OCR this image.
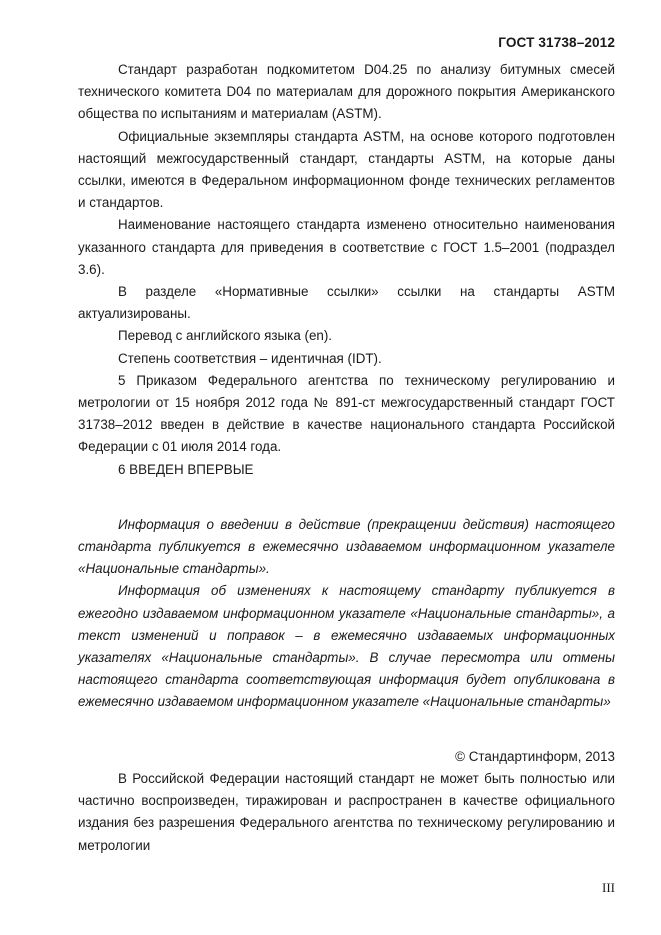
ГОСТ 31738–2012

Стандарт разработан подкомитетом D04.25 по анализу битумных смесей технического комитета D04 по материалам для дорожного покрытия Американского общества по испытаниям и материалам (ASTM).

Официальные экземпляры стандарта ASTM, на основе которого подготовлен настоящий межгосударственный стандарт, стандарты ASTM, на которые даны ссылки, имеются в Федеральном информационном фонде технических регламентов и стандартов.

Наименование настоящего стандарта изменено относительно наименования указанного стандарта для приведения в соответствие с ГОСТ 1.5–2001 (подраздел 3.6).

В разделе «Нормативные ссылки» ссылки на стандарты ASTM актуализированы.

Перевод с английского языка (en).

Степень соответствия – идентичная (IDT).

5 Приказом Федерального агентства по техническому регулированию и метрологии от 15 ноября 2012 года № 891-ст межгосударственный стандарт ГОСТ 31738–2012 введен в действие в качестве национального стандарта Российской Федерации с 01 июля 2014 года.

6 ВВЕДЕН ВПЕРВЫЕ

Информация о введении в действие (прекращении действия) настоящего стандарта публикуется в ежемесячно издаваемом информационном указателе «Национальные стандарты».

Информация об изменениях к настоящему стандарту публикуется в ежегодно издаваемом информационном указателе «Национальные стандарты», а текст изменений и поправок – в ежемесячно издаваемых информационных указателях «Национальные стандарты». В случае пересмотра или отмены настоящего стандарта соответствующая информация будет опубликована в ежемесячно издаваемом информационном указателе «Национальные стандарты»

© Стандартинформ, 2013

В Российской Федерации настоящий стандарт не может быть полностью или частично воспроизведен, тиражирован и распространен в качестве официального издания без разрешения Федерального агентства по техническому регулированию и метрологии

III
